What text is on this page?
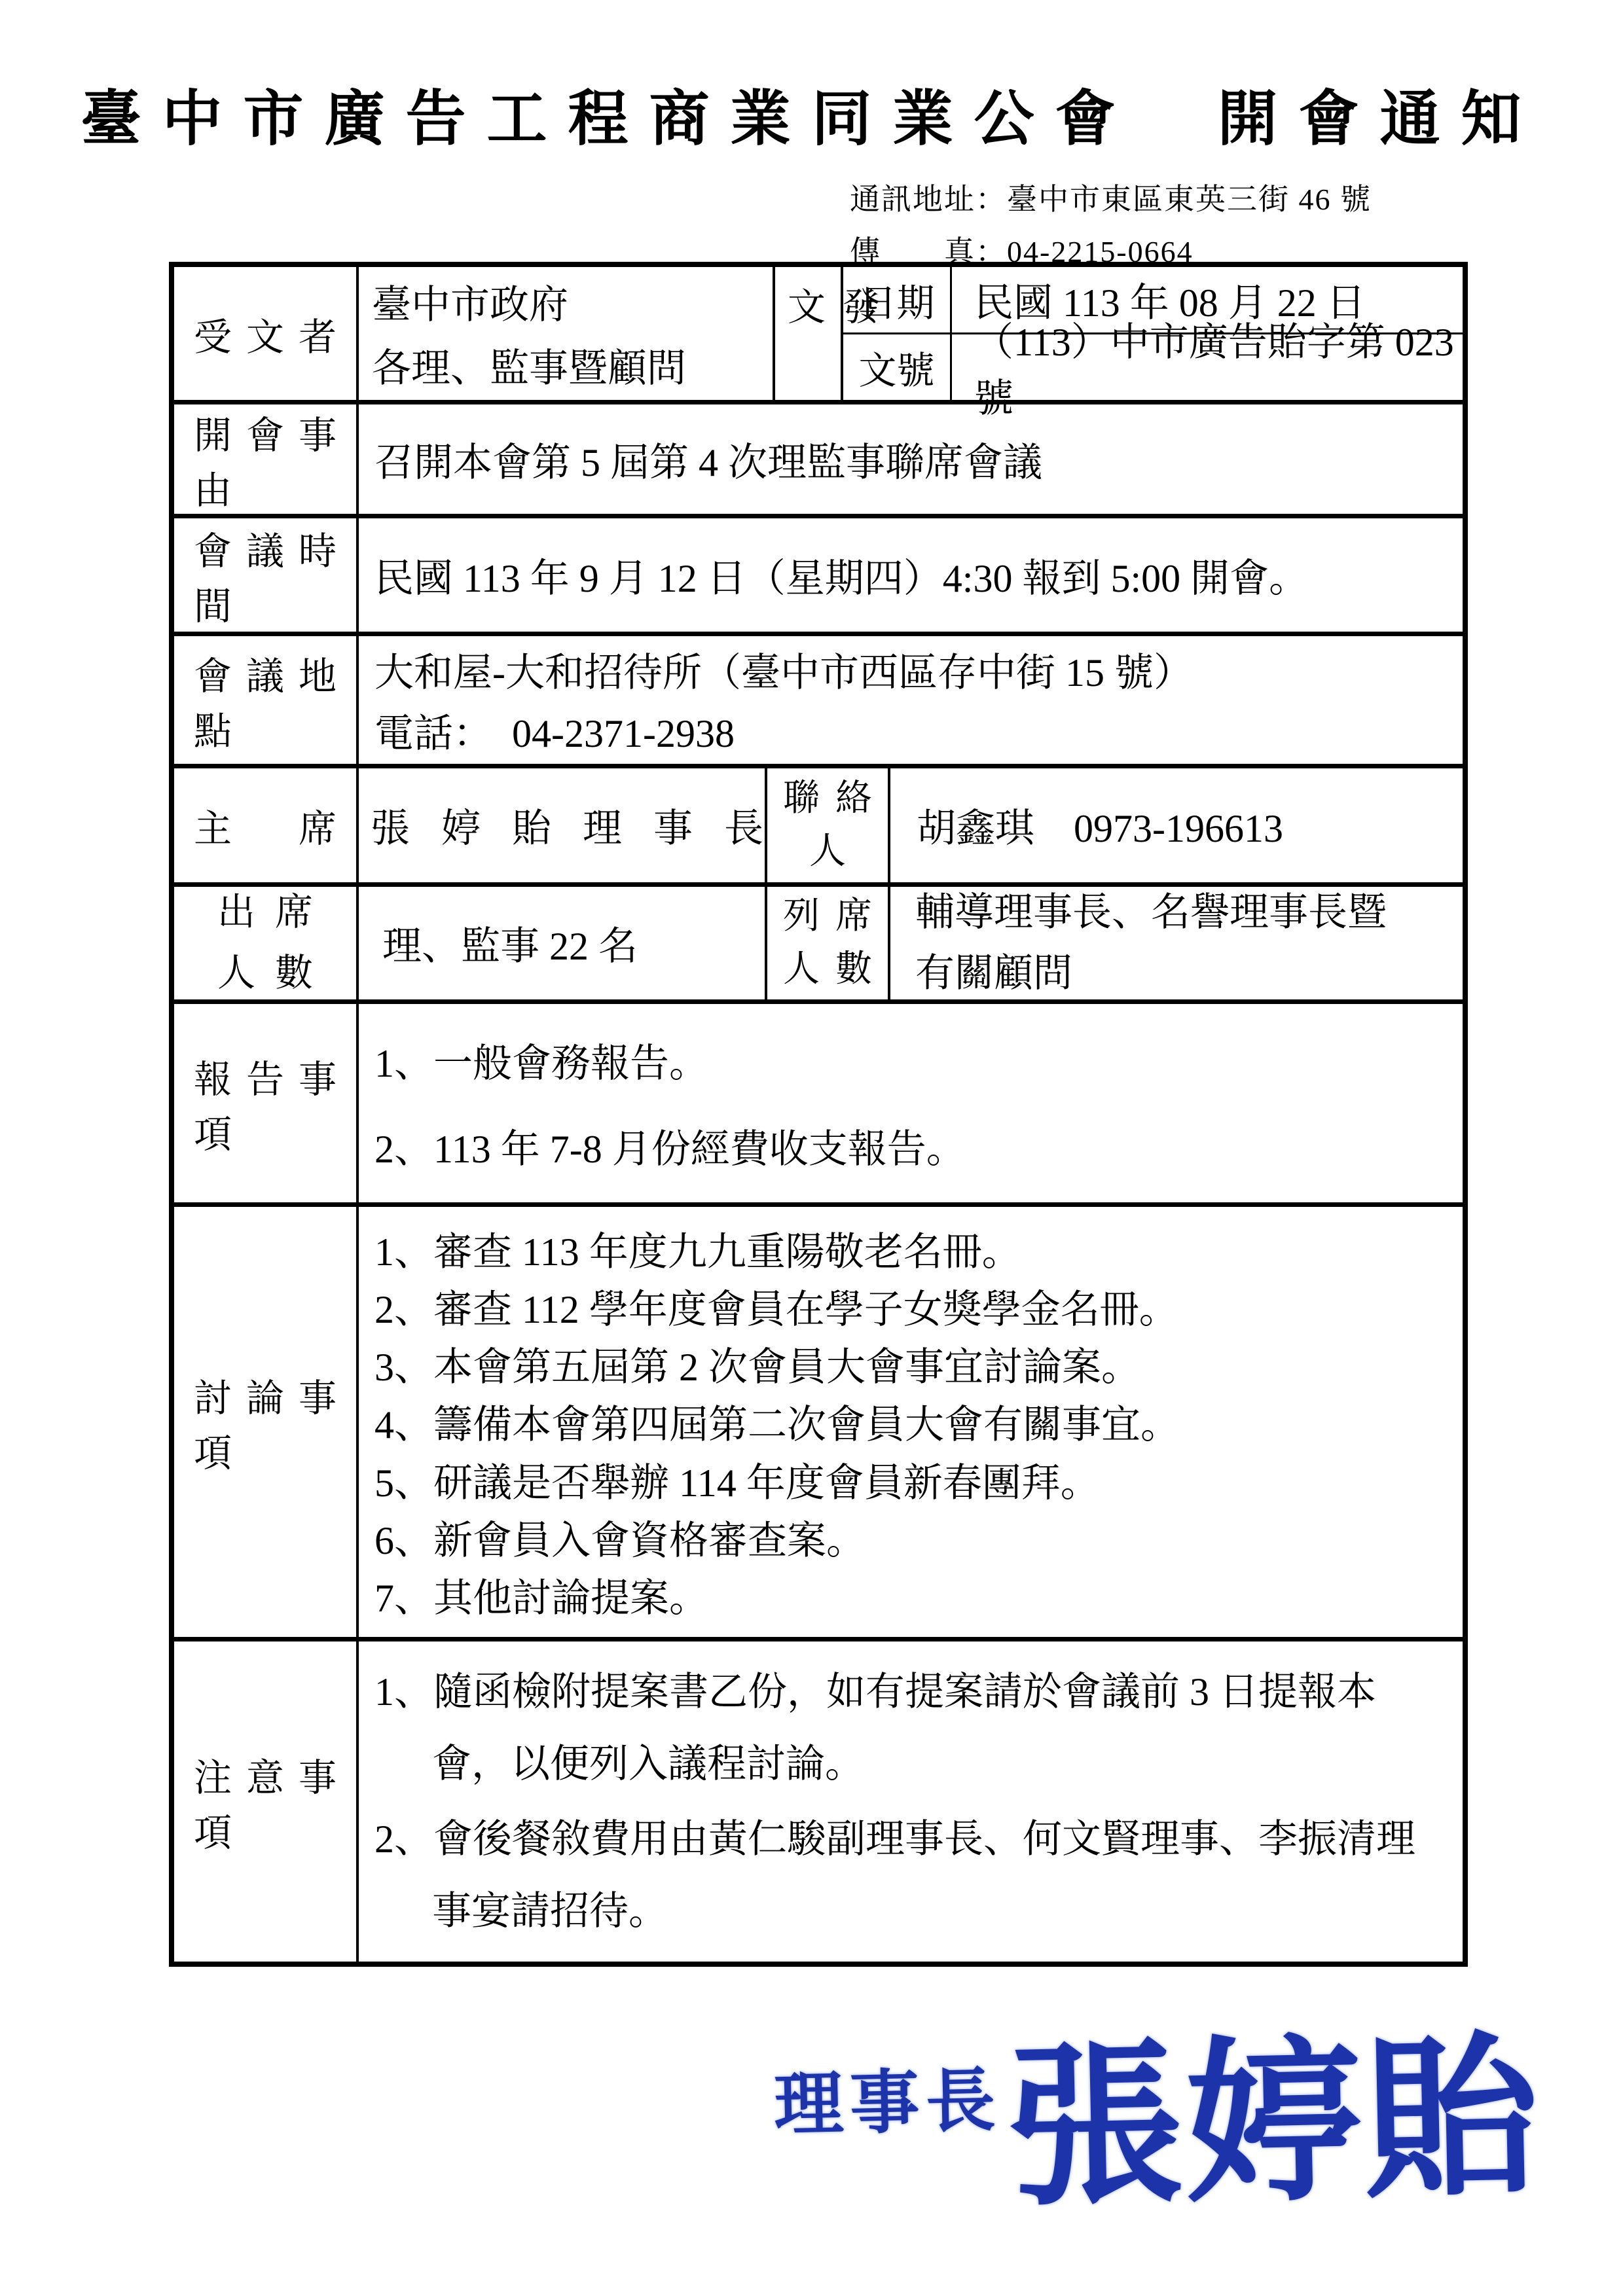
臺中市廣告工程商業同業公會　開會通知
通訊地址：臺中市東區東英三街 46 號
傳　　真：04-2215-0664
受文者
臺中市政府
各理、監事暨顧問
發文 日期	民國 113 年 08 月 22 日
文號
（113）中市廣告貽字第 023 號
開會事由
召開本會第 5 屆第 4 次理監事聯席會議
會議時間
民國 113 年 9 月 12 日（星期四）4:30 報到 5:00 開會。
會議地點
大和屋-大和招待所（臺中市西區存中街 15 號）
電話：　04-2371-2938
主席 張婷貽理事長
聯絡
人
胡鑫琪　0973-196613
出席
人數
理、監事 22 名
列席
人數
輔導理事長、名譽理事長暨
有關顧問
報告事項
1、一般會務報告。
2、113 年 7-8 月份經費收支報告。
討論事項
1、審查 113 年度九九重陽敬老名冊。
2、審查 112 學年度會員在學子女獎學金名冊。
3、本會第五屆第 2 次會員大會事宜討論案。
4、籌備本會第四屆第二次會員大會有關事宜。
5、研議是否舉辦 114 年度會員新春團拜。
6、新會員入會資格審查案。
7、其他討論提案。
注意事項
1、隨函檢附提案書乙份，如有提案請於會議前 3 日提報本會，以便列入議程討論。
2、會後餐敘費用由黃仁駿副理事長、何文賢理事、李振清理事宴請招待。
理事長 張婷貽
